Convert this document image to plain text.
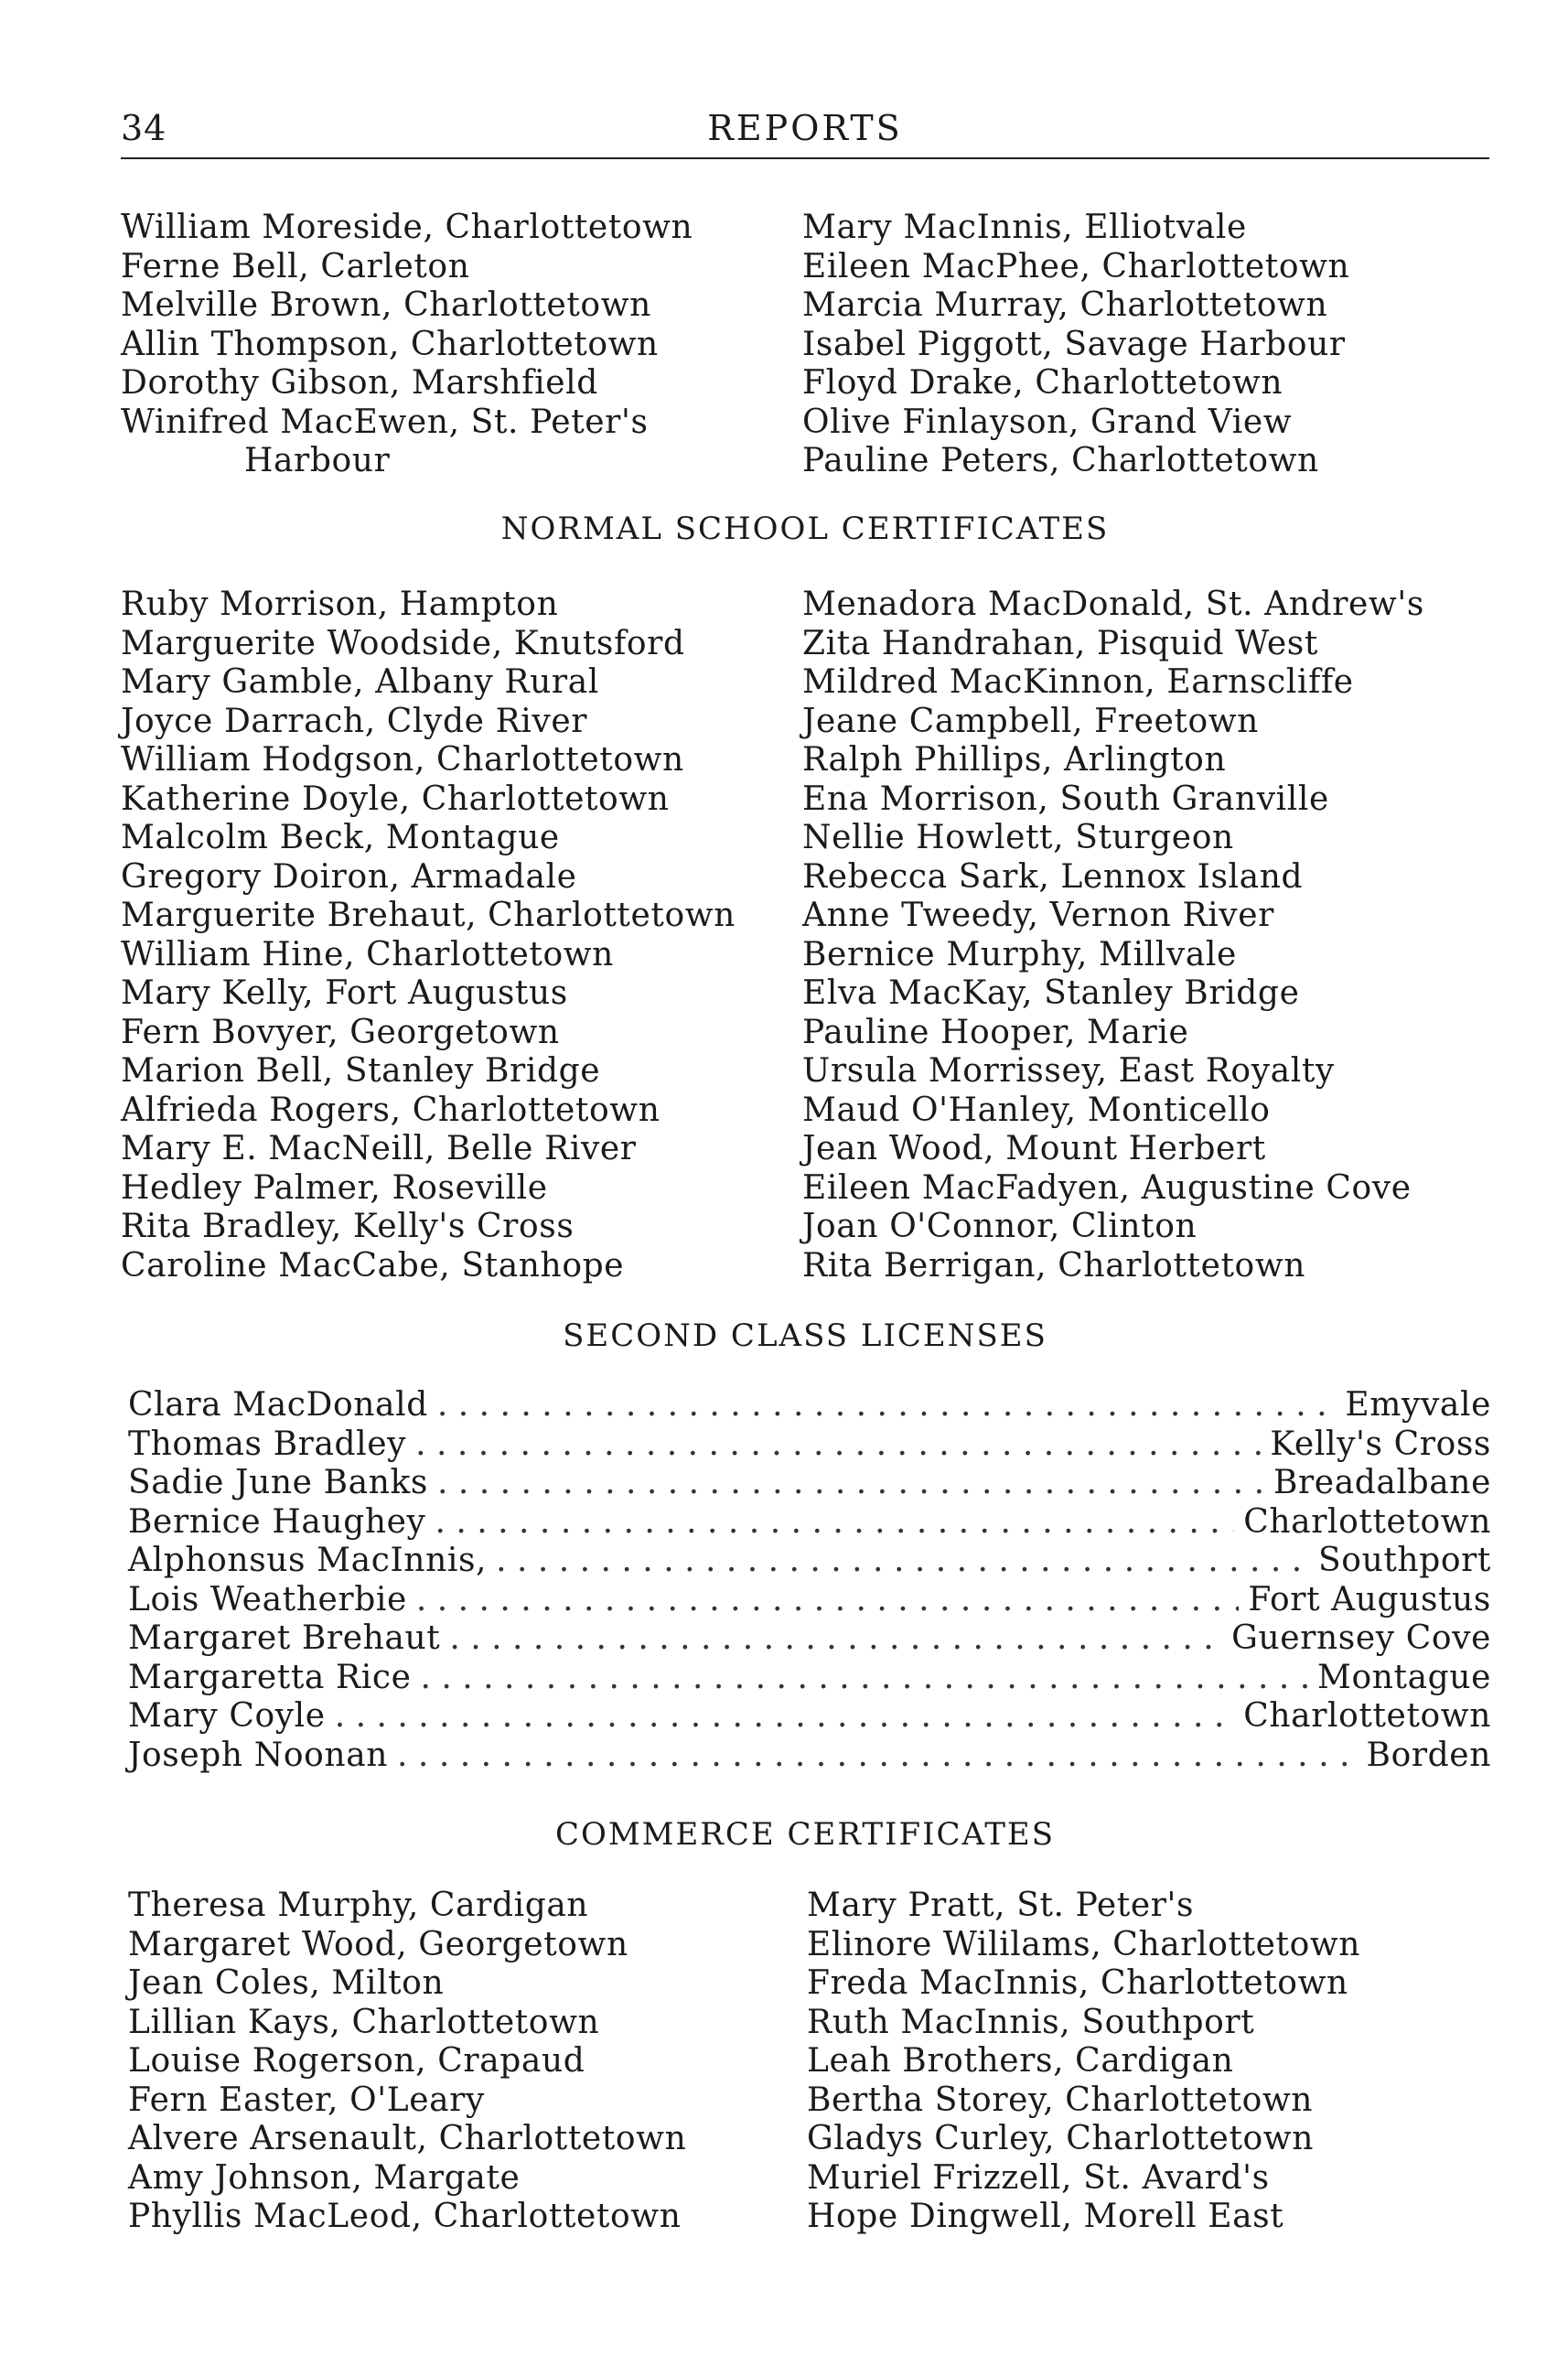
34	REPORTS
William Moreside, Charlottetown
Ferne Bell, Carleton
Melville Brown, Charlottetown
Allin Thompson, Charlottetown
Dorothy Gibson, Marshfield
Winifred MacEwen, St. Peter's
Harbour
Mary MacInnis, Elliotvale
Eileen MacPhee, Charlottetown
Marcia Murray, Charlottetown
Isabel Piggott, Savage Harbour
Floyd Drake, Charlottetown
Olive Finlayson, Grand View
Pauline Peters, Charlottetown
NORMAL SCHOOL CERTIFICATES
Ruby Morrison, Hampton
Marguerite Woodside, Knutsford
Mary Gamble, Albany Rural
Joyce Darrach, Clyde River
William Hodgson, Charlottetown
Katherine Doyle, Charlottetown
Malcolm Beck, Montague
Gregory Doiron, Armadale
Marguerite Brehaut, Charlottetown
William Hine, Charlottetown
Mary Kelly, Fort Augustus
Fern Bovyer, Georgetown
Marion Bell, Stanley Bridge
Alfrieda Rogers, Charlottetown
Mary E. MacNeill, Belle River
Hedley Palmer, Roseville
Rita Bradley, Kelly's Cross
Caroline MacCabe, Stanhope
Menadora MacDonald, St. Andrew's
Zita Handrahan, Pisquid West
Mildred MacKinnon, Earnscliffe
Jeane Campbell, Freetown
Ralph Phillips, Arlington
Ena Morrison, South Granville
Nellie Howlett, Sturgeon
Rebecca Sark, Lennox Island
Anne Tweedy, Vernon River
Bernice Murphy, Millvale
Elva MacKay, Stanley Bridge
Pauline Hooper, Marie
Ursula Morrissey, East Royalty
Maud O'Hanley, Monticello
Jean Wood, Mount Herbert
Eileen MacFadyen, Augustine Cove
Joan O'Connor, Clinton
Rita Berrigan, Charlottetown
SECOND CLASS LICENSES
Clara MacDonald . . .	Emyvale
Thomas Bradley . . .	Kelly's Cross
Sadie June Banks . . .	Breadalbane
Bernice Haughey . . .	Charlottetown
Alphonsus MacInnis, . . .	Southport
Lois Weatherbie . . .	Fort Augustus
Margaret Brehaut . . .	Guernsey Cove
Margaretta Rice . . .	Montague
Mary Coyle . . .	Charlottetown
Joseph Noonan . . .	Borden
COMMERCE CERTIFICATES
Theresa Murphy, Cardigan
Margaret Wood, Georgetown
Jean Coles, Milton
Lillian Kays, Charlottetown
Louise Rogerson, Crapaud
Fern Easter, O'Leary
Alvere Arsenault, Charlottetown
Amy Johnson, Margate
Phyllis MacLeod, Charlottetown
Mary Pratt, St. Peter's
Elinore Wililams, Charlottetown
Freda MacInnis, Charlottetown
Ruth MacInnis, Southport
Leah Brothers, Cardigan
Bertha Storey, Charlottetown
Gladys Curley, Charlottetown
Muriel Frizzell, St. Avard's
Hope Dingwell, Morell East
